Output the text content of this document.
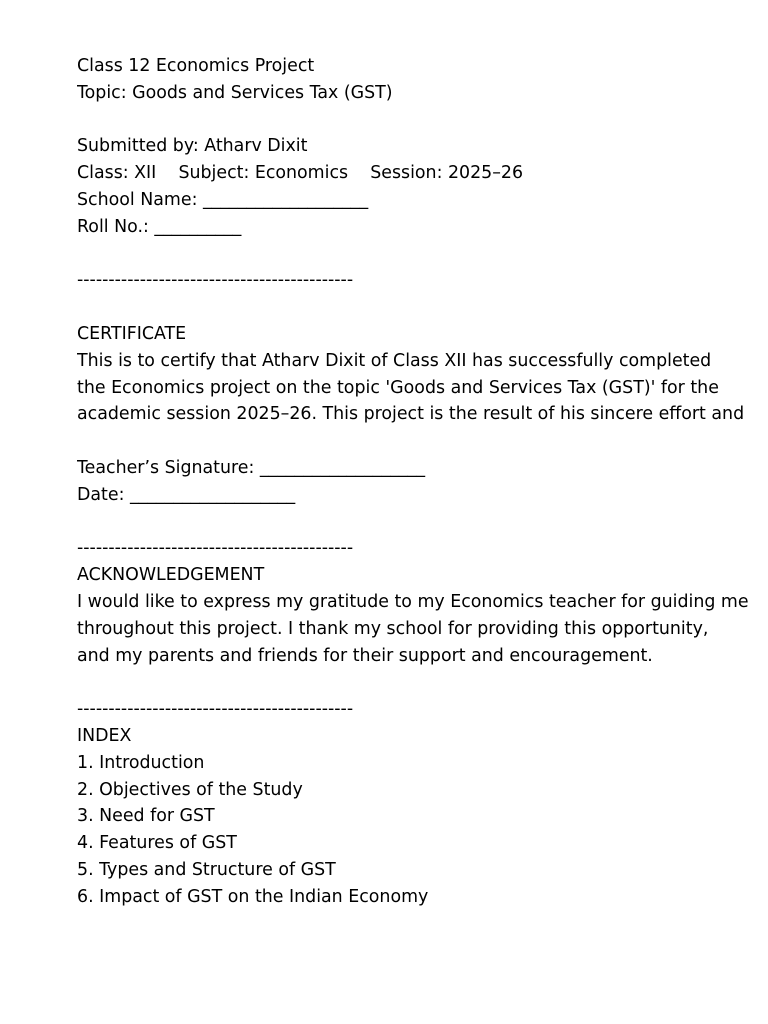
Class 12 Economics Project
Topic: Goods and Services Tax (GST)
Submitted by: Atharv Dixit
Class: XII Subject: Economics Session: 2025–26
School Name: ___________________
Roll No.: __________
--------------------------------------------
CERTIFICATE
This is to certify that Atharv Dixit of Class XII has successfully completed
the Economics project on the topic 'Goods and Services Tax (GST)' for the
academic session 2025–26. This project is the result of his sincere effort and
Teacher’s Signature: ___________________
Date: ___________________
--------------------------------------------
ACKNOWLEDGEMENT
I would like to express my gratitude to my Economics teacher for guiding me
throughout this project. I thank my school for providing this opportunity,
and my parents and friends for their support and encouragement.
--------------------------------------------
INDEX
1. Introduction
2. Objectives of the Study
3. Need for GST
4. Features of GST
5. Types and Structure of GST
6. Impact of GST on the Indian Economy
